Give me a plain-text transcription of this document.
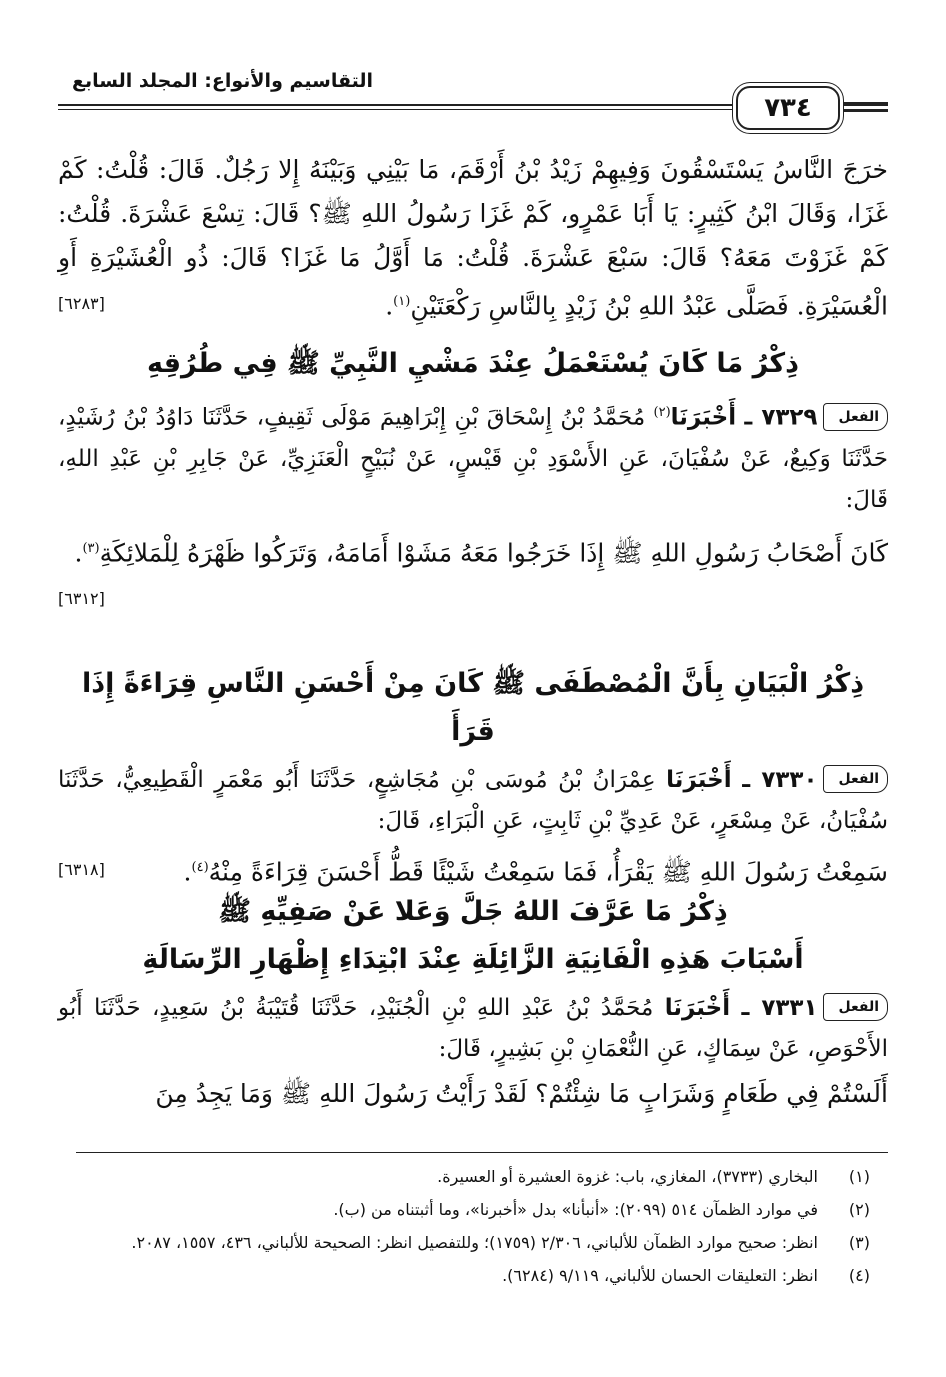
التقاسيم والأنواع: المجلد السابع
٧٣٤

خرَجَ النَّاسُ يَسْتَسْقُونَ وَفِيهِمْ زَيْدُ بْنُ أَرْقَمَ، مَا بَيْنِي وَبَيْنَهُ إِلا رَجُلٌ. قَالَ: قُلْتُ: كَمْ غَزَا، وَقَالَ ابْنُ كَثِيرٍ: يَا أَبَا عَمْرٍو، كَمْ غَزَا رَسُولُ اللهِ ﷺ؟ قَالَ: تِسْعَ عَشْرَةَ. قُلْتُ: كَمْ غَزَوْتَ مَعَهُ؟ قَالَ: سَبْعَ عَشْرَةَ. قُلْتُ: مَا أَوَّلُ مَا غَزَا؟ قَالَ: ذُو الْعُشَيْرَةِ أَوِ الْعُسَيْرَةِ. فَصَلَّى عَبْدُ اللهِ بْنُ زَيْدٍ بِالنَّاسِ رَكْعَتَيْنِ$^{(١)}$.
[٦٢٨٣]

ذِكْرُ مَا كَانَ يُسْتَعْمَلُ عِنْدَ مَشْيِ النَّبِيِّ ﷺ فِي طُرُقِهِ

الفعل٧٣٢٩ ـ أَخْبَرَنَا$^{(٢)}$ مُحَمَّدُ بْنُ إِسْحَاقَ بْنِ إِبْرَاهِيمَ مَوْلَى ثَقِيفٍ، حَدَّثَنَا دَاوُدُ بْنُ رُشَيْدٍ، حَدَّثَنَا وَكِيعٌ، عَنْ سُفْيَانَ، عَنِ الأَسْوَدِ بْنِ قَيْسٍ، عَنْ نُبَيْحٍ الْعَنَزِيِّ، عَنْ جَابِرِ بْنِ عَبْدِ اللهِ، قَالَ:

كَانَ أَصْحَابُ رَسُولِ اللهِ ﷺ إِذَا خَرَجُوا مَعَهُ مَشَوْا أَمَامَهُ، وَتَرَكُوا ظَهْرَهُ لِلْمَلائِكَةِ$^{(٣)}$.
[٦٣١٢]

ذِكْرُ الْبَيَانِ بِأَنَّ الْمُصْطَفَى ﷺ كَانَ مِنْ أَحْسَنِ النَّاسِ قِرَاءَةً إِذَا قَرَأَ

الفعل٧٣٣٠ ـ أَخْبَرَنَا عِمْرَانُ بْنُ مُوسَى بْنِ مُجَاشِعٍ، حَدَّثَنَا أَبُو مَعْمَرٍ الْقَطِيعِيُّ، حَدَّثَنَا سُفْيَانُ، عَنْ مِسْعَرٍ، عَنْ عَدِيِّ بْنِ ثَابِتٍ، عَنِ الْبَرَاءِ، قَالَ:

سَمِعْتُ رَسُولَ اللهِ ﷺ يَقْرَأُ، فَمَا سَمِعْتُ شَيْئًا قَطُّ أَحْسَنَ قِرَاءَةً مِنْهُ$^{(٤)}$.
[٦٣١٨]

ذِكْرُ مَا عَرَّفَ اللهُ جَلَّ وَعَلا عَنْ صَفِيِّهِ ﷺ

أَسْبَابَ هَذِهِ الْفَانِيَةِ الزَّائِلَةِ عِنْدَ ابْتِدَاءِ إِظْهَارِ الرِّسَالَةِ

الفعل٧٣٣١ ـ أَخْبَرَنَا مُحَمَّدُ بْنُ عَبْدِ اللهِ بْنِ الْجُنَيْدِ، حَدَّثَنَا قُتَيْبَةُ بْنُ سَعِيدٍ، حَدَّثَنَا أَبُو الأَحْوَصِ، عَنْ سِمَاكٍ، عَنِ النُّعْمَانِ بْنِ بَشِيرٍ، قَالَ:

أَلَسْتُمْ فِي طَعَامٍ وَشَرَابٍ مَا شِئْتُمْ؟ لَقَدْ رَأَيْتُ رَسُولَ اللهِ ﷺ وَمَا يَجِدُ مِنَ

(١)البخاري (٣٧٣٣)، المغازي، باب: غزوة العشيرة أو العسيرة.

(٢)في موارد الظمآن ٥١٤ (٢٠٩٩): «أنبأنا» بدل «أخبرنا»، وما أثبتناه من (ب).

(٣)انظر: صحيح موارد الظمآن للألباني، ٢/٣٠٦ (١٧٥٩)؛ وللتفصيل انظر: الصحيحة للألباني، ٤٣٦، ١٥٥٧، ٢٠٨٧.

(٤)انظر: التعليقات الحسان للألباني، ٩/١١٩ (٦٢٨٤).
